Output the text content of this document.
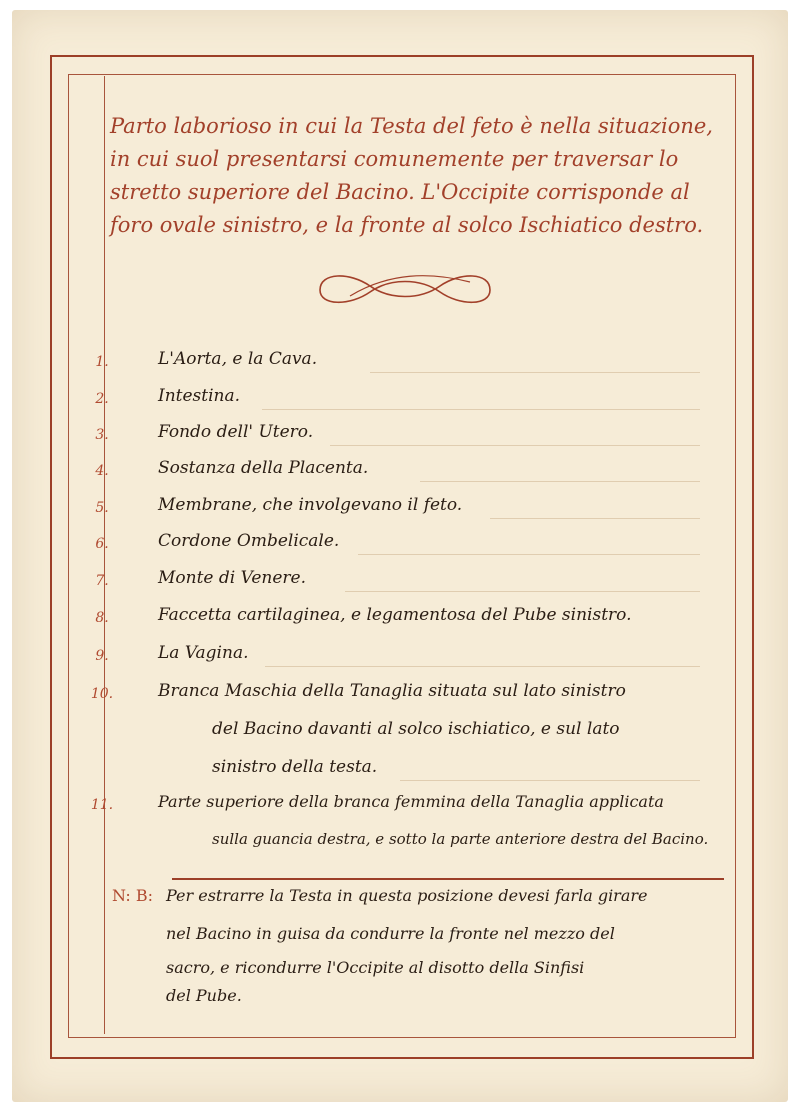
Parto laborioso in cui la Testa del feto è nella situazione, in cui suol presentarsi comunemente per traversar lo stretto superiore del Bacino. L'Occipite corrisponde al foro ovale sinistro, e la fronte al solco Ischiatico destro.
1.	L'Aorta, e la Cava.
2.	Intestina.
3.	Fondo dell' Utero.
4.	Sostanza della Placenta.
5.	Membrane, che involgevano il feto.
6.	Cordone Ombelicale.
7.	Monte di Venere.
8.	Faccetta cartilaginea, e legamentosa del Pube sinistro.
9.	La Vagina.
10.	Branca Maschia della Tanaglia situata sul lato sinistro
del Bacino davanti al solco ischiatico, e sul lato
sinistro della testa.
11.	Parte superiore della branca femmina della Tanaglia applicata
sulla guancia destra, e sotto la parte anteriore destra del Bacino.
N: B: Per estrarre la Testa in questa posizione devesi farla girare
nel Bacino in guisa da condurre la fronte nel mezzo del
sacro, e ricondurre l'Occipite al disotto della Sinfisi
del Pube.
